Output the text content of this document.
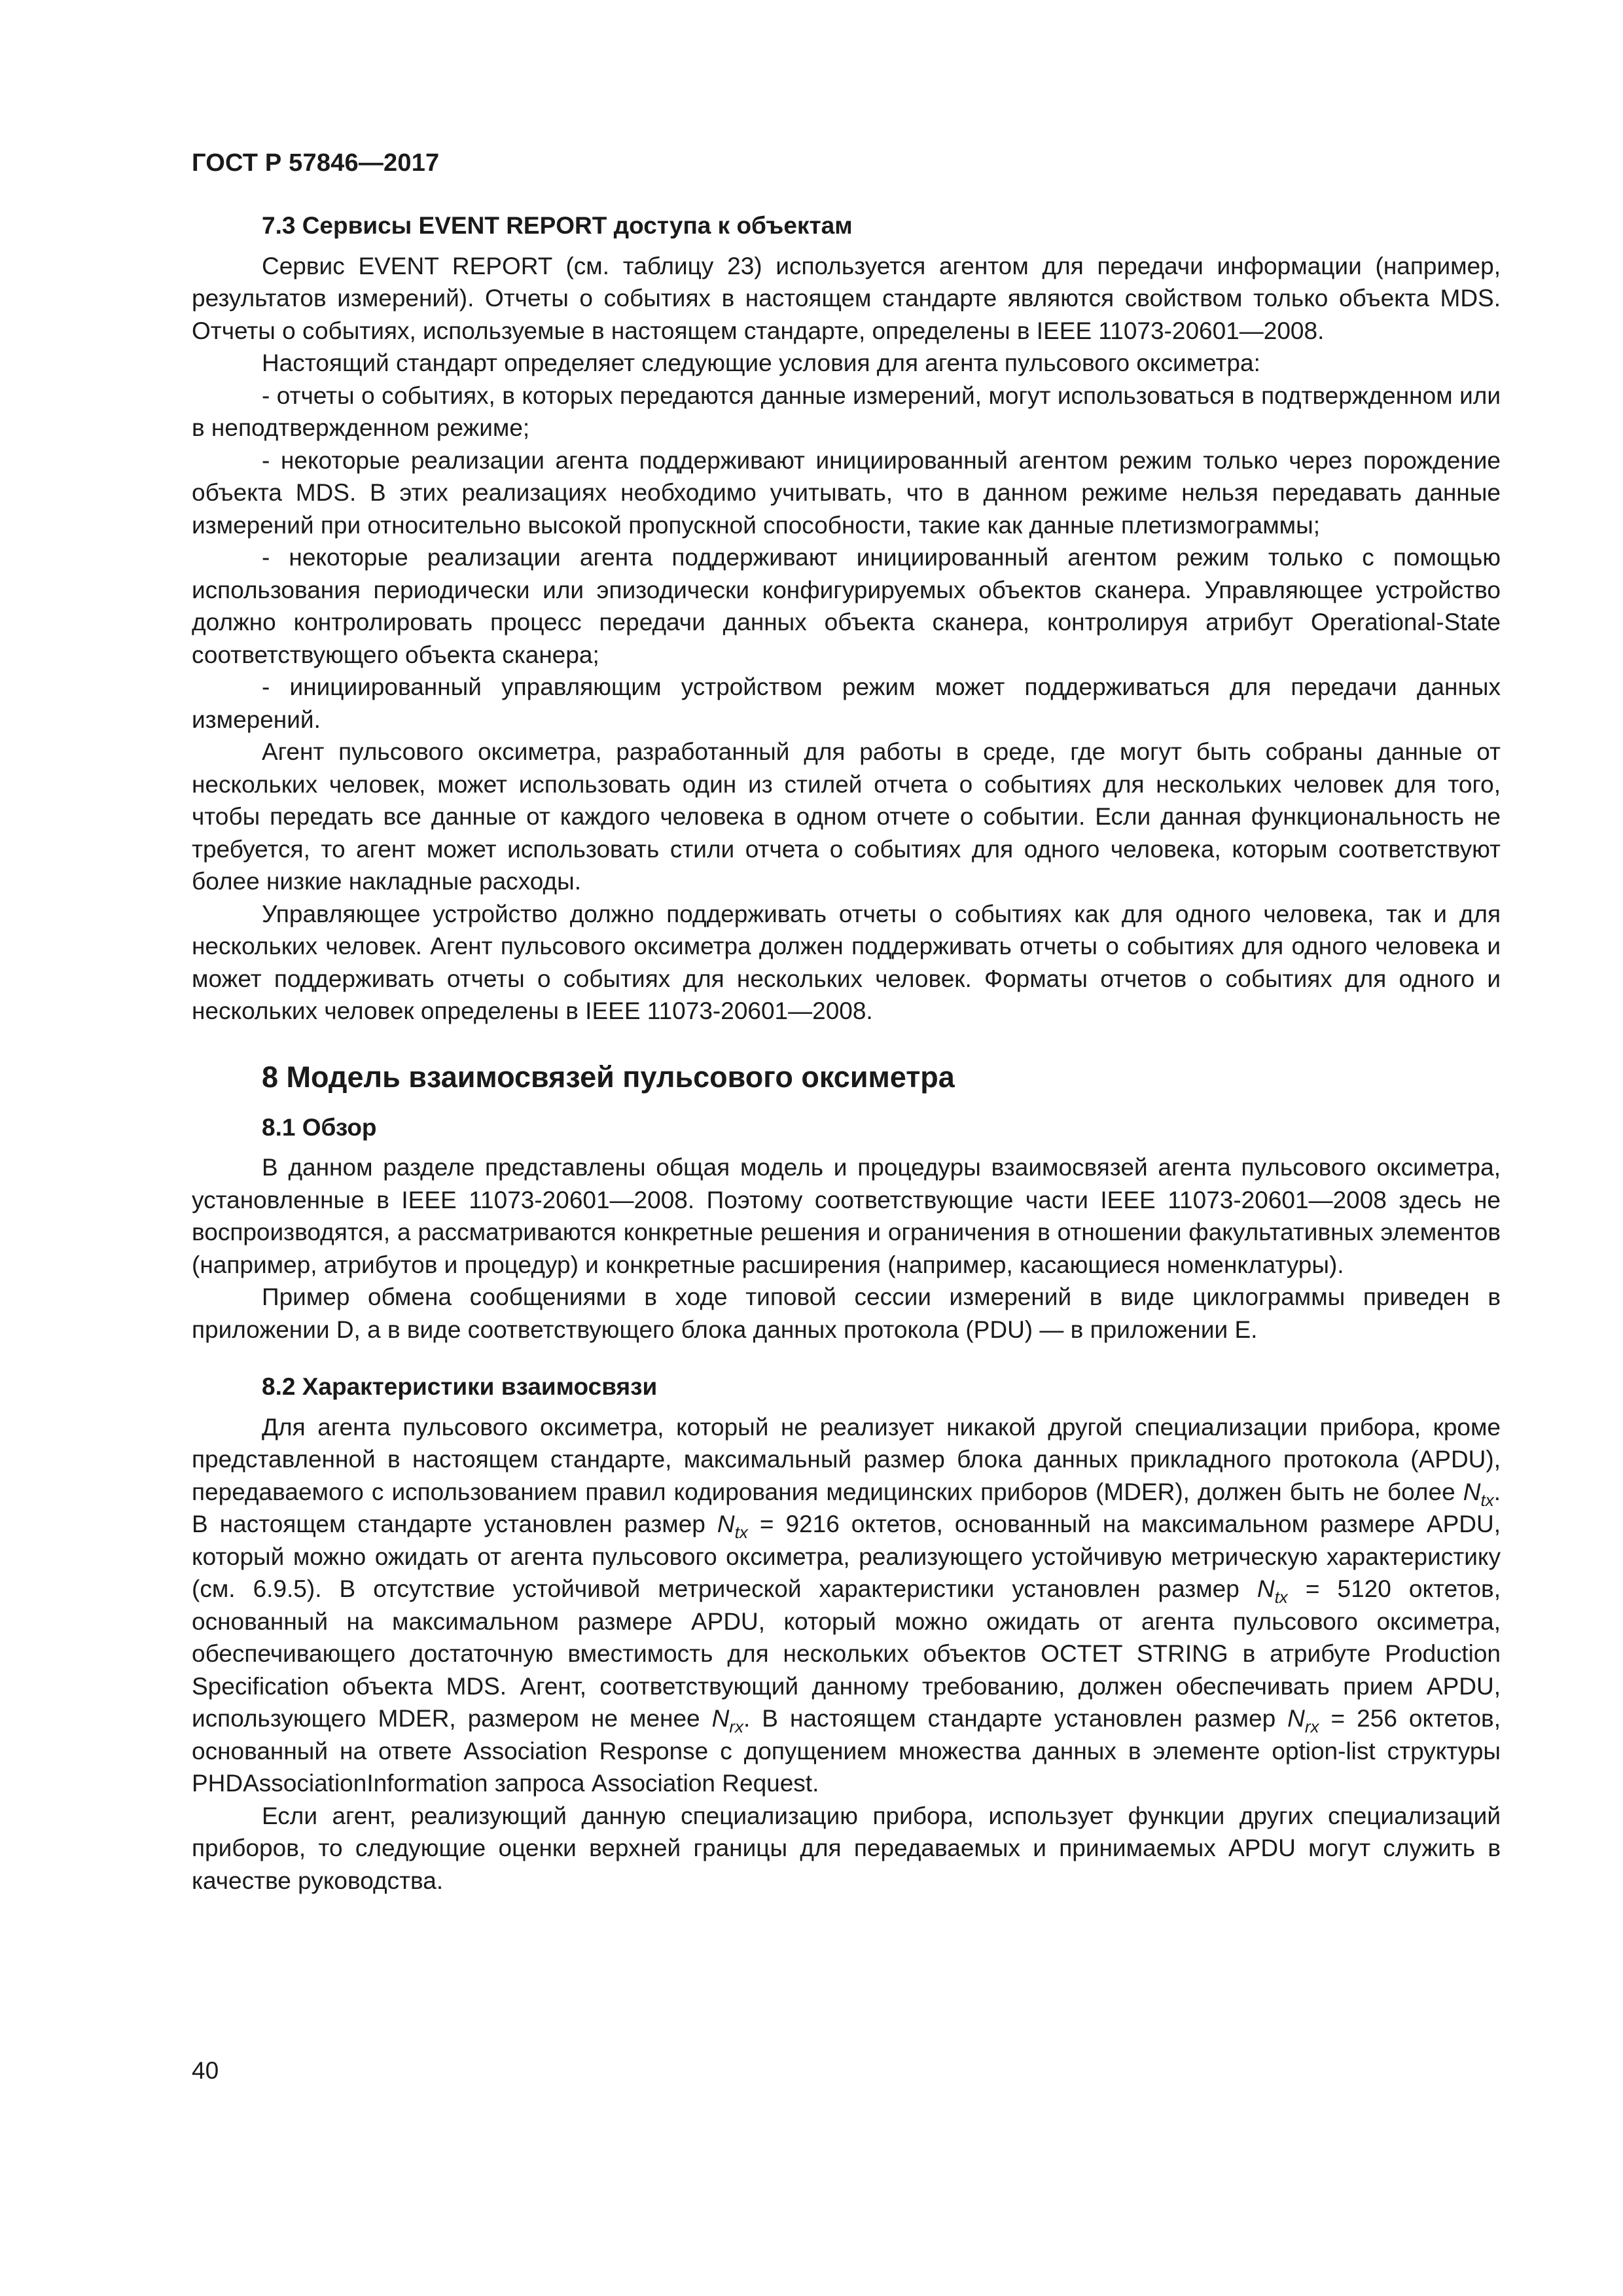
ГОСТ Р 57846—2017
7.3 Сервисы EVENT REPORT доступа к объектам

Сервис EVENT REPORT (см. таблицу 23) используется агентом для передачи информации (например, результатов измерений). Отчеты о событиях в настоящем стандарте являются свойством только объекта MDS. Отчеты о событиях, используемые в настоящем стандарте, определены в IEEE 11073-20601—2008.

Настоящий стандарт определяет следующие условия для агента пульсового оксиметра:

- отчеты о событиях, в которых передаются данные измерений, могут использоваться в подтвержденном или в неподтвержденном режиме;

- некоторые реализации агента поддерживают инициированный агентом режим только через порождение объекта MDS. В этих реализациях необходимо учитывать, что в данном режиме нельзя передавать данные измерений при относительно высокой пропускной способности, такие как данные плетизмограммы;

- некоторые реализации агента поддерживают инициированный агентом режим только с помощью использования периодически или эпизодически конфигурируемых объектов сканера. Управляющее устройство должно контролировать процесс передачи данных объекта сканера, контролируя атрибут Operational-State соответствующего объекта сканера;

- инициированный управляющим устройством режим может поддерживаться для передачи данных измерений.

Агент пульсового оксиметра, разработанный для работы в среде, где могут быть собраны данные от нескольких человек, может использовать один из стилей отчета о событиях для нескольких человек для того, чтобы передать все данные от каждого человека в одном отчете о событии. Если данная функциональность не требуется, то агент может использовать стили отчета о событиях для одного человека, которым соответствуют более низкие накладные расходы.

Управляющее устройство должно поддерживать отчеты о событиях как для одного человека, так и для нескольких человек. Агент пульсового оксиметра должен поддерживать отчеты о событиях для одного человека и может поддерживать отчеты о событиях для нескольких человек. Форматы отчетов о событиях для одного и нескольких человек определены в IEEE 11073-20601—2008.

8 Модель взаимосвязей пульсового оксиметра
8.1 Обзор

В данном разделе представлены общая модель и процедуры взаимосвязей агента пульсового оксиметра, установленные в IEEE 11073-20601—2008. Поэтому соответствующие части IEEE 11073-20601—2008 здесь не воспроизводятся, а рассматриваются конкретные решения и ограничения в отношении факультативных элементов (например, атрибутов и процедур) и конкретные расширения (например, касающиеся номенклатуры).

Пример обмена сообщениями в ходе типовой сессии измерений в виде циклограммы приведен в приложении D, а в виде соответствующего блока данных протокола (PDU) — в приложении E.

8.2 Характеристики взаимосвязи

Для агента пульсового оксиметра, который не реализует никакой другой специализации прибора, кроме представленной в настоящем стандарте, максимальный размер блока данных прикладного протокола (APDU), передаваемого с использованием правил кодирования медицинских приборов (MDER), должен быть не более $N_{tx}$. В настоящем стандарте установлен размер $N_{tx} = 9216$ октетов, основанный на максимальном размере APDU, который можно ожидать от агента пульсового оксиметра, реализующего устойчивую метрическую характеристику (см. 6.9.5). В отсутствие устойчивой метрической характеристики установлен размер $N_{tx} = 5120$ октетов, основанный на максимальном размере APDU, который можно ожидать от агента пульсового оксиметра, обеспечивающего достаточную вместимость для нескольких объектов OCTET STRING в атрибуте Production Specification объекта MDS. Агент, соответствующий данному требованию, должен обеспечивать прием APDU, использующего MDER, размером не менее $N_{rx}$. В настоящем стандарте установлен размер $N_{rx} = 256$ октетов, основанный на ответе Association Response с допущением множества данных в элементе option-list структуры PHDAssociationInformation запроса Association Request.

Если агент, реализующий данную специализацию прибора, использует функции других специализаций приборов, то следующие оценки верхней границы для передаваемых и принимаемых APDU могут служить в качестве руководства.

40
